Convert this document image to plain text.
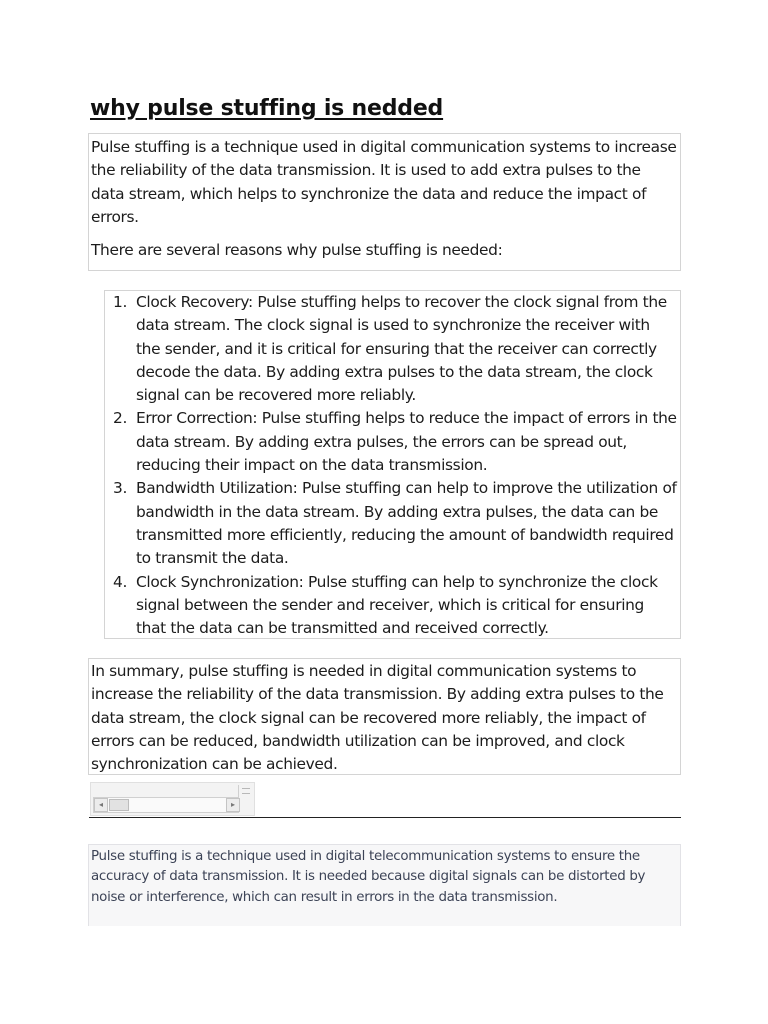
why pulse stuffing is nedded

Pulse stuffing is a technique used in digital communication systems to increase the reliability of the data transmission. It is used to add extra pulses to the data stream, which helps to synchronize the data and reduce the impact of errors.

There are several reasons why pulse stuffing is needed:

1. Clock Recovery: Pulse stuffing helps to recover the clock signal from the data stream. The clock signal is used to synchronize the receiver with the sender, and it is critical for ensuring that the receiver can correctly decode the data. By adding extra pulses to the data stream, the clock signal can be recovered more reliably.
2. Error Correction: Pulse stuffing helps to reduce the impact of errors in the data stream. By adding extra pulses, the errors can be spread out, reducing their impact on the data transmission.
3. Bandwidth Utilization: Pulse stuffing can help to improve the utilization of bandwidth in the data stream. By adding extra pulses, the data can be transmitted more efficiently, reducing the amount of bandwidth required to transmit the data.
4. Clock Synchronization: Pulse stuffing can help to synchronize the clock signal between the sender and receiver, which is critical for ensuring that the data can be transmitted and received correctly.

In summary, pulse stuffing is needed in digital communication systems to increase the reliability of the data transmission. By adding extra pulses to the data stream, the clock signal can be recovered more reliably, the impact of errors can be reduced, bandwidth utilization can be improved, and clock synchronization can be achieved.

◂	▸

Pulse stuffing is a technique used in digital telecommunication systems to ensure the accuracy of data transmission. It is needed because digital signals can be distorted by noise or interference, which can result in errors in the data transmission.
